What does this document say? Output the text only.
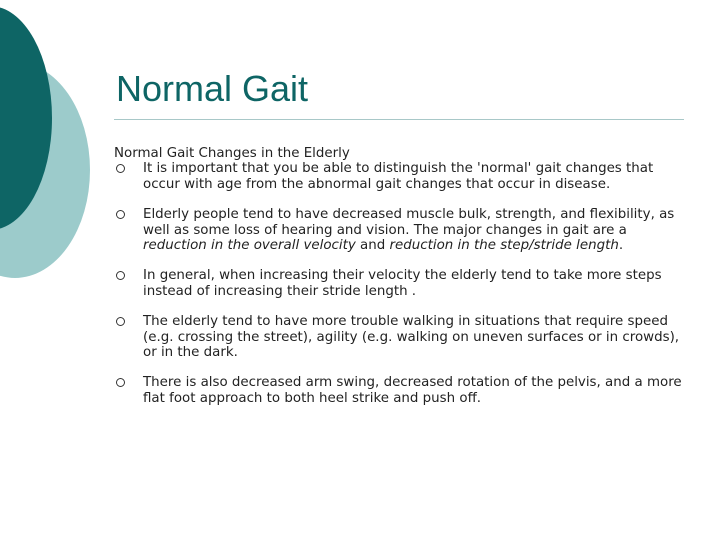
Normal Gait

Normal Gait Changes in the Elderly

It is important that you be able to distinguish the 'normal' gait changes that occur with age from the abnormal gait changes that occur in disease.
Elderly people tend to have decreased muscle bulk, strength, and flexibility, as well as some loss of hearing and vision. The major changes in gait are a reduction in the overall velocity and reduction in the step/stride length.
In general, when increasing their velocity the elderly tend to take more steps instead of increasing their stride length .
The elderly tend to have more trouble walking in situations that require speed (e.g. crossing the street), agility (e.g. walking on uneven surfaces or in crowds), or in the dark.
There is also decreased arm swing, decreased rotation of the pelvis, and a more flat foot approach to both heel strike and push off.
